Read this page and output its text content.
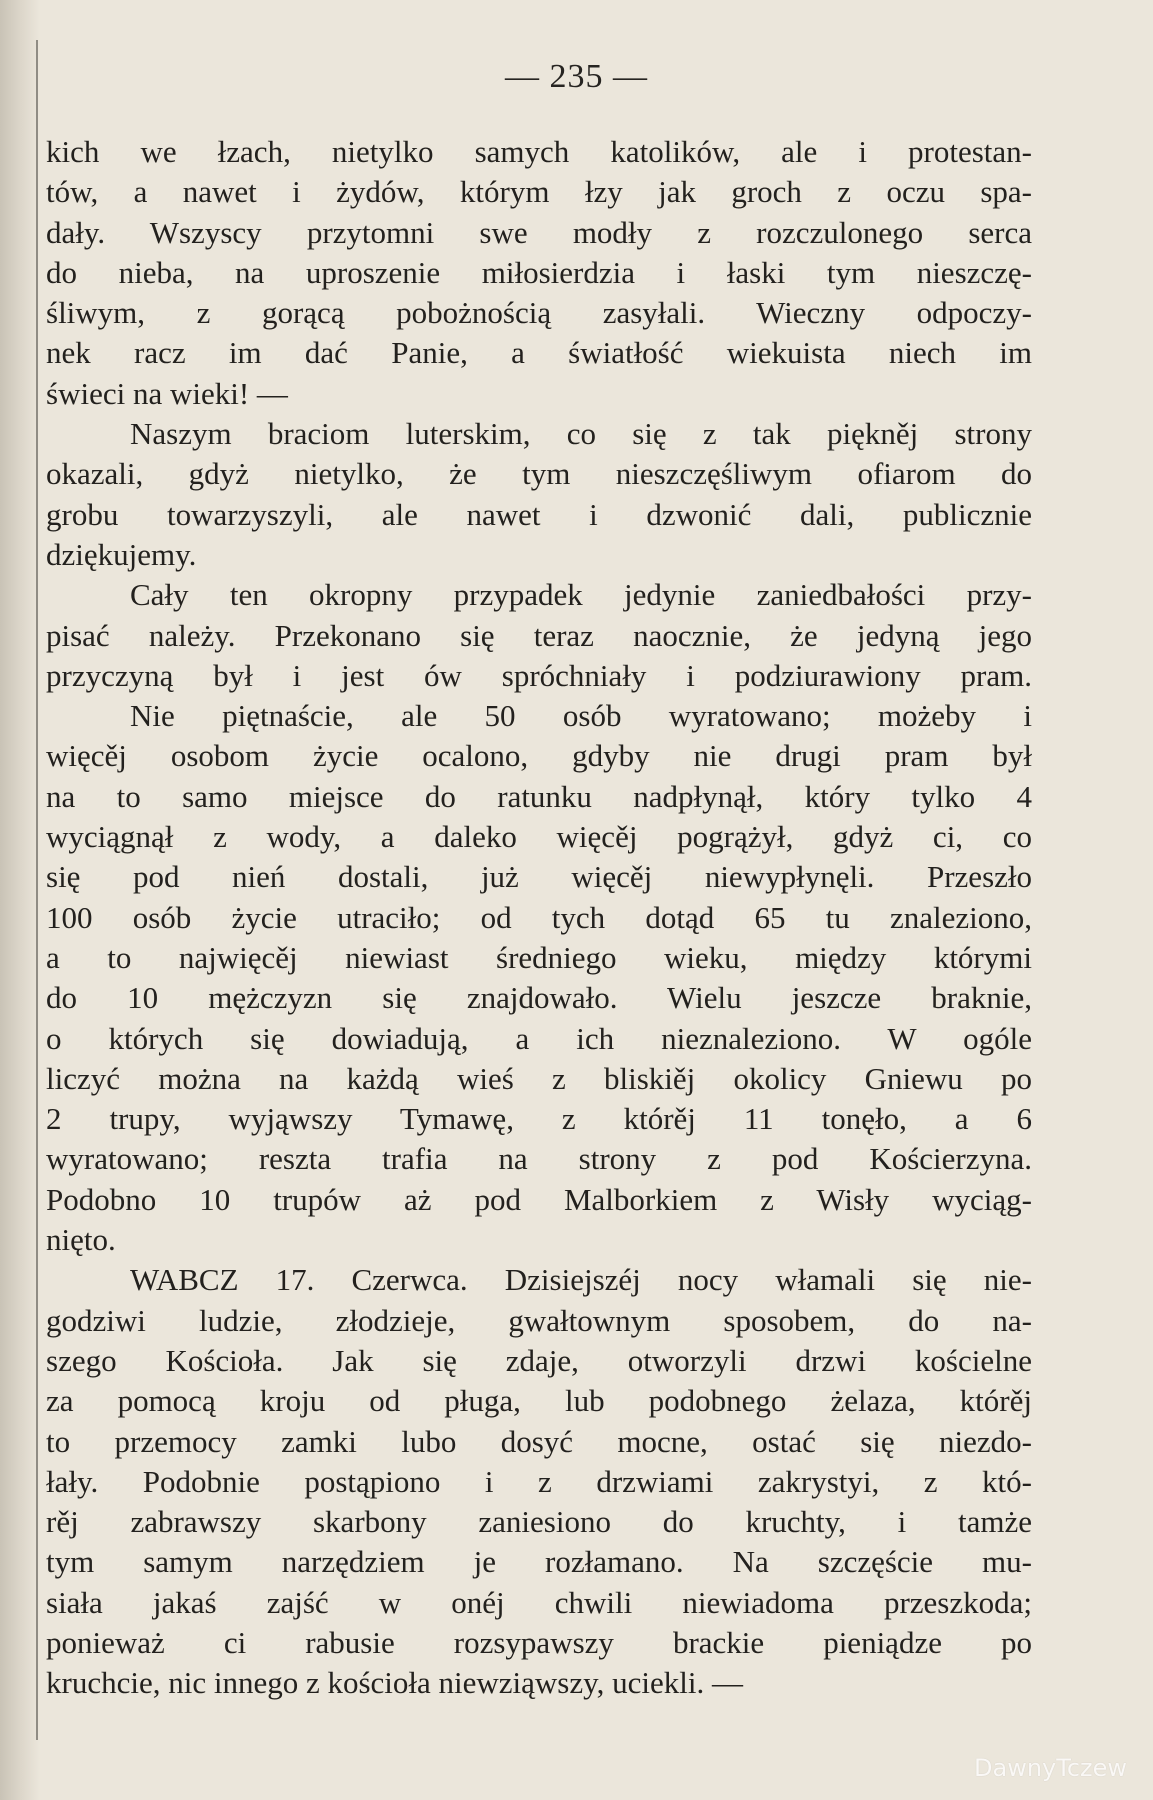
— 235 —
kich we łzach, nietylko samych katolików, ale i protestan-
tów, a nawet i żydów, którym łzy jak groch z oczu spa-
dały. Wszyscy przytomni swe modły z rozczulonego serca
do nieba, na uproszenie miłosierdzia i łaski tym nieszczę-
śliwym, z gorącą pobożnością zasyłali. Wieczny odpoczy-
nek racz im dać Panie, a światłość wiekuista niech im
świeci na wieki! —
Naszym braciom luterskim, co się z tak piękněj strony
okazali, gdyż nietylko, że tym nieszczęśliwym ofiarom do
grobu towarzyszyli, ale nawet i dzwonić dali, publicznie
dziękujemy.
Cały ten okropny przypadek jedynie zaniedbałości przy-
pisać należy. Przekonano się teraz naocznie, że jedyną jego
przyczyną był i jest ów spróchniały i podziurawiony pram.
Nie piętnaście, ale 50 osób wyratowano; możeby i
więcěj osobom życie ocalono, gdyby nie drugi pram był
na to samo miejsce do ratunku nadpłynął, który tylko 4
wyciągnął z wody, a daleko więcěj pogrążył, gdyż ci, co
się pod nień dostali, już więcěj niewypłynęli. Przeszło
100 osób życie utraciło; od tych dotąd 65 tu znaleziono,
a to najwięcěj niewiast średniego wieku, między którymi
do 10 mężczyzn się znajdowało. Wielu jeszcze braknie,
o których się dowiadują, a ich nieznaleziono. W ogóle
liczyć można na każdą wieś z bliskiěj okolicy Gniewu po
2 trupy, wyjąwszy Tymawę, z którěj 11 tonęło, a 6
wyratowano; reszta trafia na strony z pod Kościerzyna.
Podobno 10 trupów aż pod Malborkiem z Wisły wyciąg-
nięto.
WABCZ 17. Czerwca. Dzisiejszéj nocy włamali się nie-
godziwi ludzie, złodzieje, gwałtownym sposobem, do na-
szego Kościoła. Jak się zdaje, otworzyli drzwi kościelne
za pomocą kroju od pługa, lub podobnego żelaza, którěj
to przemocy zamki lubo dosyć mocne, ostać się niezdo-
łały. Podobnie postąpiono i z drzwiami zakrystyi, z któ-
rěj zabrawszy skarbony zaniesiono do kruchty, i tamże
tym samym narzędziem je rozłamano. Na szczęście mu-
siała jakaś zajść w onéj chwili niewiadoma przeszkoda;
ponieważ ci rabusie rozsypawszy brackie pieniądze po
kruchcie, nic innego z kościoła niewziąwszy, uciekli. —
DawnyTczew
